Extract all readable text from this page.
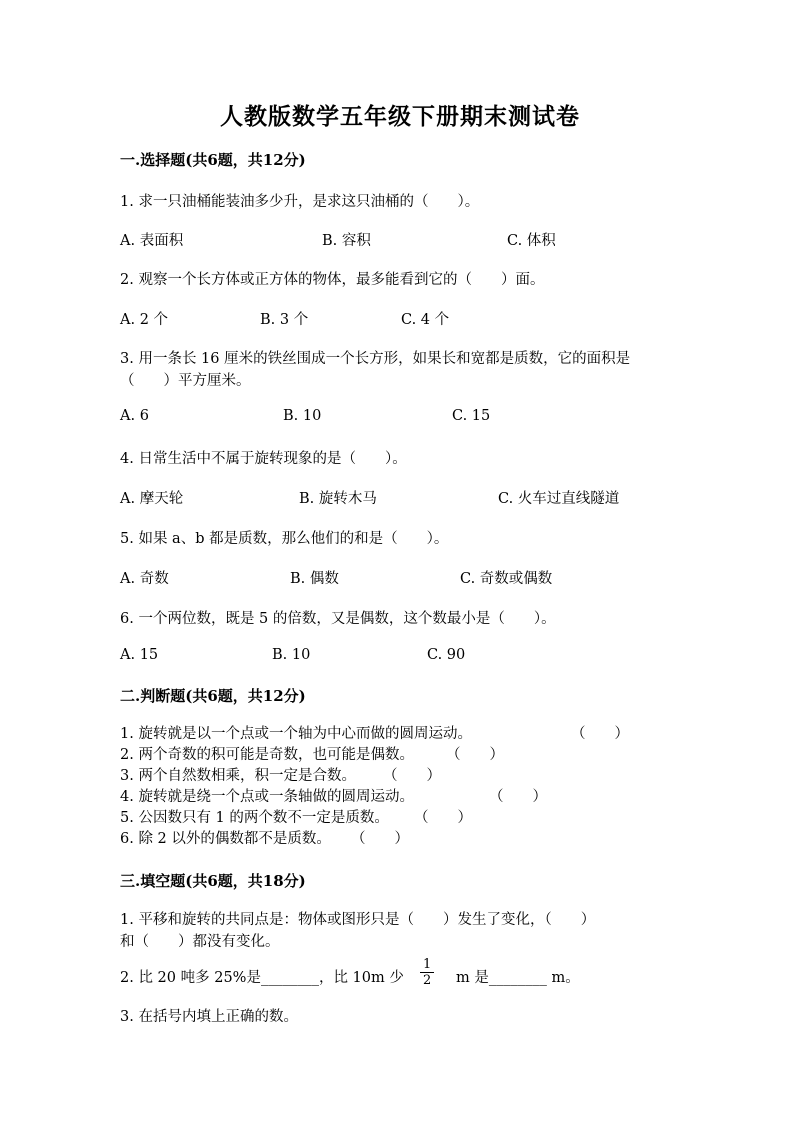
人教版数学五年级下册期末测试卷
一.选择题(共6题，共12分)
1. 求一只油桶能装油多少升，是求这只油桶的（　　）。
A. 表面积	B. 容积	C. 体积
2. 观察一个长方体或正方体的物体，最多能看到它的（　　）面。
A. 2 个	B. 3 个	C. 4 个
3. 用一条长 16 厘米的铁丝围成一个长方形，如果长和宽都是质数，它的面积是
（　　）平方厘米。
A. 6	B. 10	C. 15
4. 日常生活中不属于旋转现象的是（　　）。
A. 摩天轮	B. 旋转木马	C. 火车过直线隧道
5. 如果 a、b 都是质数，那么他们的和是（　　）。
A. 奇数	B. 偶数	C. 奇数或偶数
6. 一个两位数，既是 5 的倍数，又是偶数，这个数最小是（　　）。
A. 15	B. 10	C. 90
二.判断题(共6题，共12分)
1. 旋转就是以一个点或一个轴为中心而做的圆周运动。	（　　）
2. 两个奇数的积可能是奇数，也可能是偶数。 （　　）
3. 两个自然数相乘，积一定是合数。 （　　）
4. 旋转就是绕一个点或一条轴做的圆周运动。	（　　）
5. 公因数只有 1 的两个数不一定是质数。 （　　）
6. 除 2 以外的偶数都不是质数。 （　　）
三.填空题(共6题，共18分)
1. 平移和旋转的共同点是：物体或图形只是（　　）发生了变化，（　　）
和（　　）都没有变化。
2. 比 20 吨多 25%是________，比 10m 少 $\frac{1}{2}$ m 是________ m。
3. 在括号内填上正确的数。
